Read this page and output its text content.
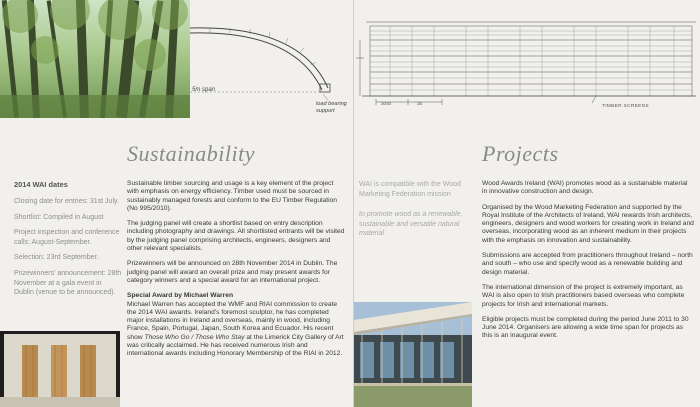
5m span
load bearing
support
3040	35
TIMBER SCREENS
Sustainability	Projects
2014 WAI dates
Closing date for entries: 31st July.
Shortlist: Compiled in August
Project inspection and conference calls: August-September.
Selection: 23rd September.
Prizewinners' announcement: 28th November at a gala event in Dublin (venue to be announced).

Sustainable timber sourcing and usage is a key element of the project with emphasis on energy efficiency. Timber used must be sourced in sustainably managed forests and conform to the EU Timber Regulation (No 995/2010).

The judging panel will create a shortlist based on entry description including photography and drawings. All shortlisted entrants will be visited by the judging panel comprising architects, engineers, designers and other relevant specialists.

Prizewinners will be announced on 28th November 2014 in Dublin. The judging panel will award an overall prize and may present awards for category winners and a special award for an international project.

Special Award by Michael Warren
Michael Warren has accepted the WMF and RIAI commission to create the 2014 WAI awards. Ireland's foremost sculptor, he has completed major installations in Ireland and overseas, mainly in wood, including France, Spain, Portugal, Japan, South Korea and Ecuador. His recent show Those Who Go / Those Who Stay at the Limerick City Gallery of Art was critically acclaimed. He has received numerous Irish and international awards including Honorary Membership of the RIAI in 2012.
WAI is compatible with the Wood Marketing Federation mission
to promote wood as a renewable, sustainable and versatile natural material

Wood Awards Ireland (WAI) promotes wood as a sustainable material in innovative construction and design.

Organised by the Wood Marketing Federation and supported by the Royal Institute of the Architects of Ireland, WAI rewards Irish architects, engineers, designers and wood workers for creating work in Ireland and overseas, incorporating wood as an inherent medium in their projects with the emphasis on innovation and sustainability.

Submissions are accepted from practitioners throughout Ireland – north and south – who use and specify wood as a renewable building and design material.

The international dimension of the project is extremely important, as WAI is also open to Irish practitioners based overseas who complete projects for Irish and international markets.

Eligible projects must be completed during the period June 2011 to 30 June 2014. Organisers are allowing a wide time span for projects as this is an inaugural event.
